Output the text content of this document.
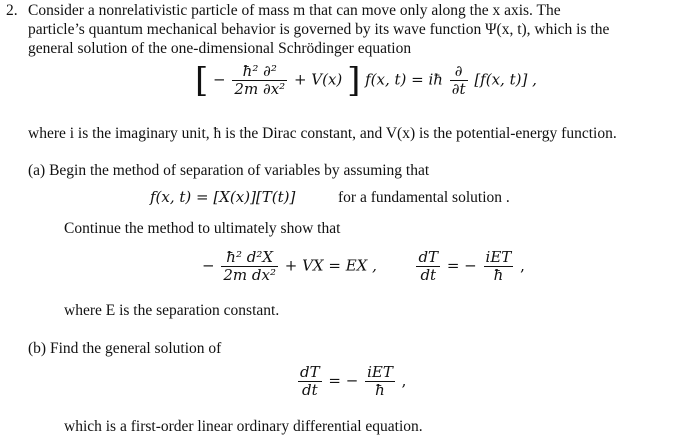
2. Consider a nonrelativistic particle of mass m that can move only along the x axis. The
particle’s quantum mechanical behavior is governed by its wave function Ψ(x, t), which is the
general solution of the one-dimensional Schrödinger equation
[ − $\frac{\text{ħ² ∂²}}{\text{2m ∂x²}} + V(x)$ ] f(x, t) = iħ $\frac{\partial}{\partial t} [f(x$, t)] ,
where i is the imaginary unit, ħ is the Dirac constant, and V(x) is the potential-energy function.
(a) Begin the method of separation of variables by assuming that
f(x, t) = [X(x)][T(t)]	for a fundamental solution .
Continue the method to ultimately show that
− $\frac{\text{ħ² d²X}}{\text{2m dx²}}$ + VX = EX ,	$\frac{dT}{dt}$ = − $\frac{\text{iET}}{ħ}$ ,
where E is the separation constant.
(b) Find the general solution of
$\frac{dT}{dt}$ = − $\frac{\text{iET}}{ħ}$ ,
which is a first-order linear ordinary differential equation.
